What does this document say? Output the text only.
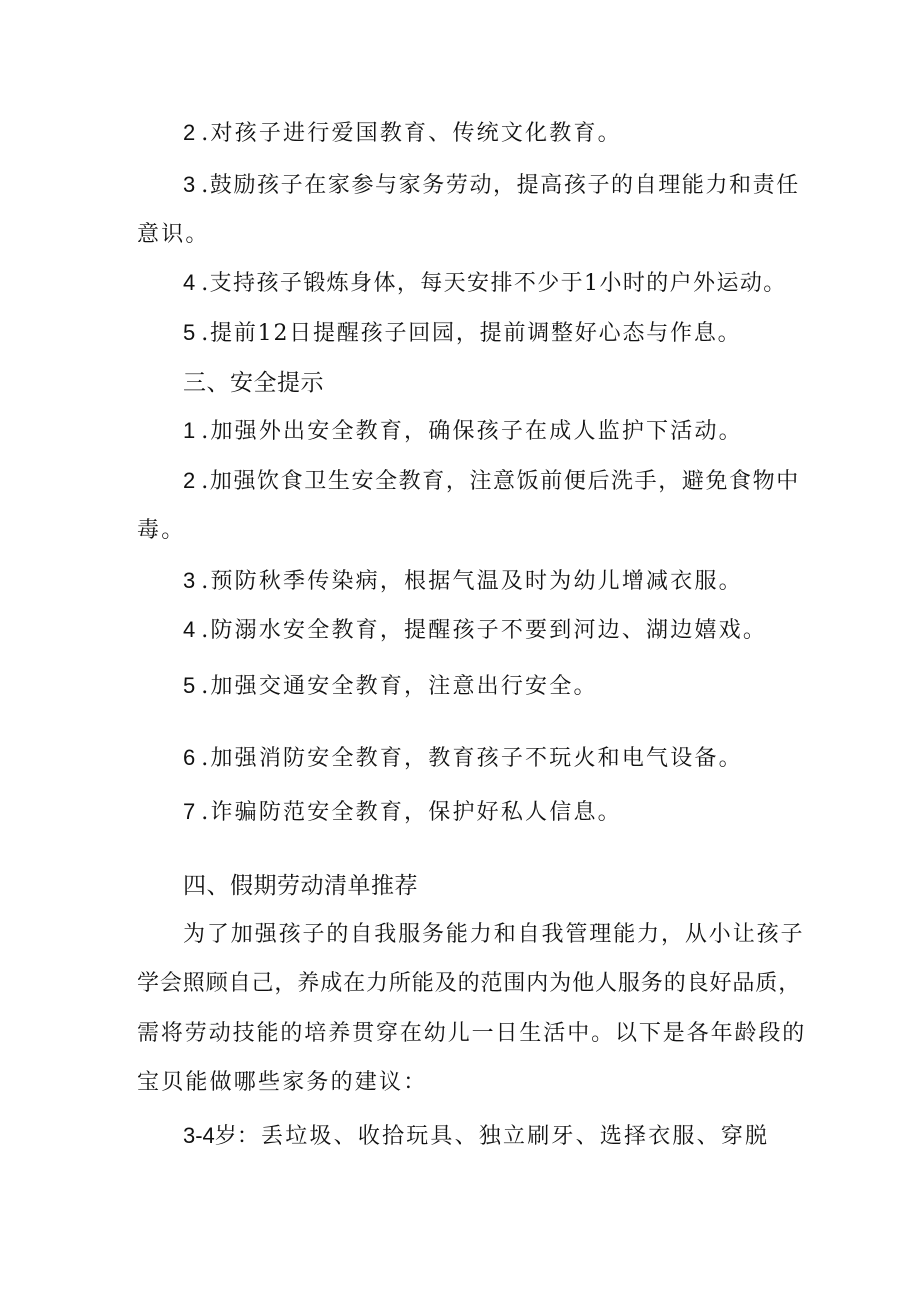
2 .对孩子进行爱国教育、传统文化教育。
3 .鼓励孩子在家参与家务劳动，提高孩子的自理能力和责任
意识。
4 .支持孩子锻炼身体，每天安排不少于1小时的户外运动。
5 .提前12日提醒孩子回园，提前调整好心态与作息。
三、安全提示
1 .加强外出安全教育，确保孩子在成人监护下活动。
2 .加强饮食卫生安全教育，注意饭前便后洗手，避免食物中
毒。
3 .预防秋季传染病，根据气温及时为幼儿增减衣服。
4 .防溺水安全教育，提醒孩子不要到河边、湖边嬉戏。
5 .加强交通安全教育，注意出行安全。
6 .加强消防安全教育，教育孩子不玩火和电气设备。
7 .诈骗防范安全教育，保护好私人信息。
四、假期劳动清单推荐
为了加强孩子的自我服务能力和自我管理能力，从小让孩子
学会照顾自己，养成在力所能及的范围内为他人服务的良好品质，
需将劳动技能的培养贯穿在幼儿一日生活中。以下是各年龄段的
宝贝能做哪些家务的建议：
3-4岁：丢垃圾、收拾玩具、独立刷牙、选择衣服、穿脱
